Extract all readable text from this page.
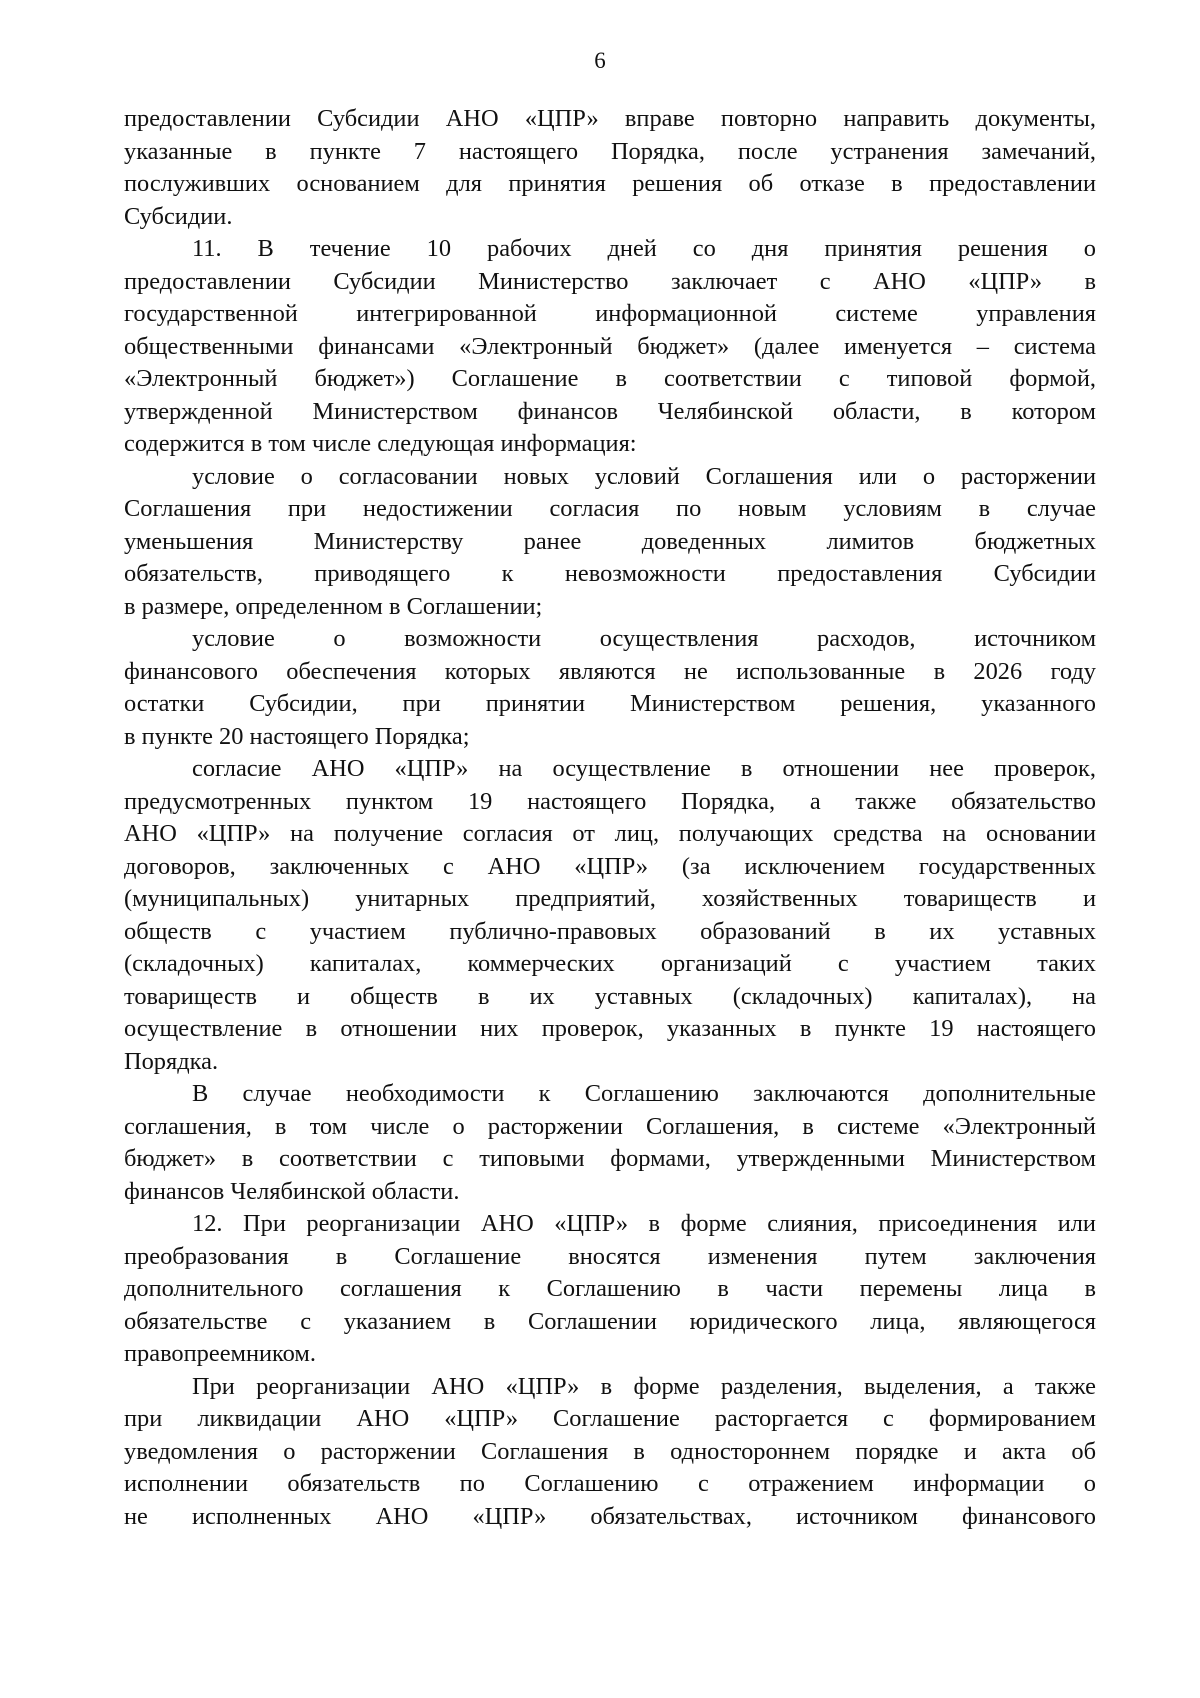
6
предоставлении Субсидии АНО «ЦПР» вправе повторно направить документы,
указанные в пункте 7 настоящего Порядка, после устранения замечаний,
послуживших основанием для принятия решения об отказе в предоставлении
Субсидии.
11. В течение 10 рабочих дней со дня принятия решения о
предоставлении Субсидии Министерство заключает с АНО «ЦПР» в
государственной интегрированной информационной системе управления
общественными финансами «Электронный бюджет» (далее именуется – система
«Электронный бюджет») Соглашение в соответствии с типовой формой,
утвержденной Министерством финансов Челябинской области, в котором
содержится в том числе следующая информация:
условие о согласовании новых условий Соглашения или о расторжении
Соглашения при недостижении согласия по новым условиям в случае
уменьшения Министерству ранее доведенных лимитов бюджетных
обязательств, приводящего к невозможности предоставления Субсидии
в размере, определенном в Соглашении;
условие о возможности осуществления расходов, источником
финансового обеспечения которых являются не использованные в 2026 году
остатки Субсидии, при принятии Министерством решения, указанного
в пункте 20 настоящего Порядка;
согласие АНО «ЦПР» на осуществление в отношении нее проверок,
предусмотренных пунктом 19 настоящего Порядка, а также обязательство
АНО «ЦПР» на получение согласия от лиц, получающих средства на основании
договоров, заключенных с АНО «ЦПР» (за исключением государственных
(муниципальных) унитарных предприятий, хозяйственных товариществ и
обществ с участием публично-правовых образований в их уставных
(складочных) капиталах, коммерческих организаций с участием таких
товариществ и обществ в их уставных (складочных) капиталах), на
осуществление в отношении них проверок, указанных в пункте 19 настоящего
Порядка.
В случае необходимости к Соглашению заключаются дополнительные
соглашения, в том числе о расторжении Соглашения, в системе «Электронный
бюджет» в соответствии с типовыми формами, утвержденными Министерством
финансов Челябинской области.
12. При реорганизации АНО «ЦПР» в форме слияния, присоединения или
преобразования в Соглашение вносятся изменения путем заключения
дополнительного соглашения к Соглашению в части перемены лица в
обязательстве с указанием в Соглашении юридического лица, являющегося
правопреемником.
При реорганизации АНО «ЦПР» в форме разделения, выделения, а также
при ликвидации АНО «ЦПР» Соглашение расторгается с формированием
уведомления о расторжении Соглашения в одностороннем порядке и акта об
исполнении обязательств по Соглашению с отражением информации о
не исполненных АНО «ЦПР» обязательствах, источником финансового
